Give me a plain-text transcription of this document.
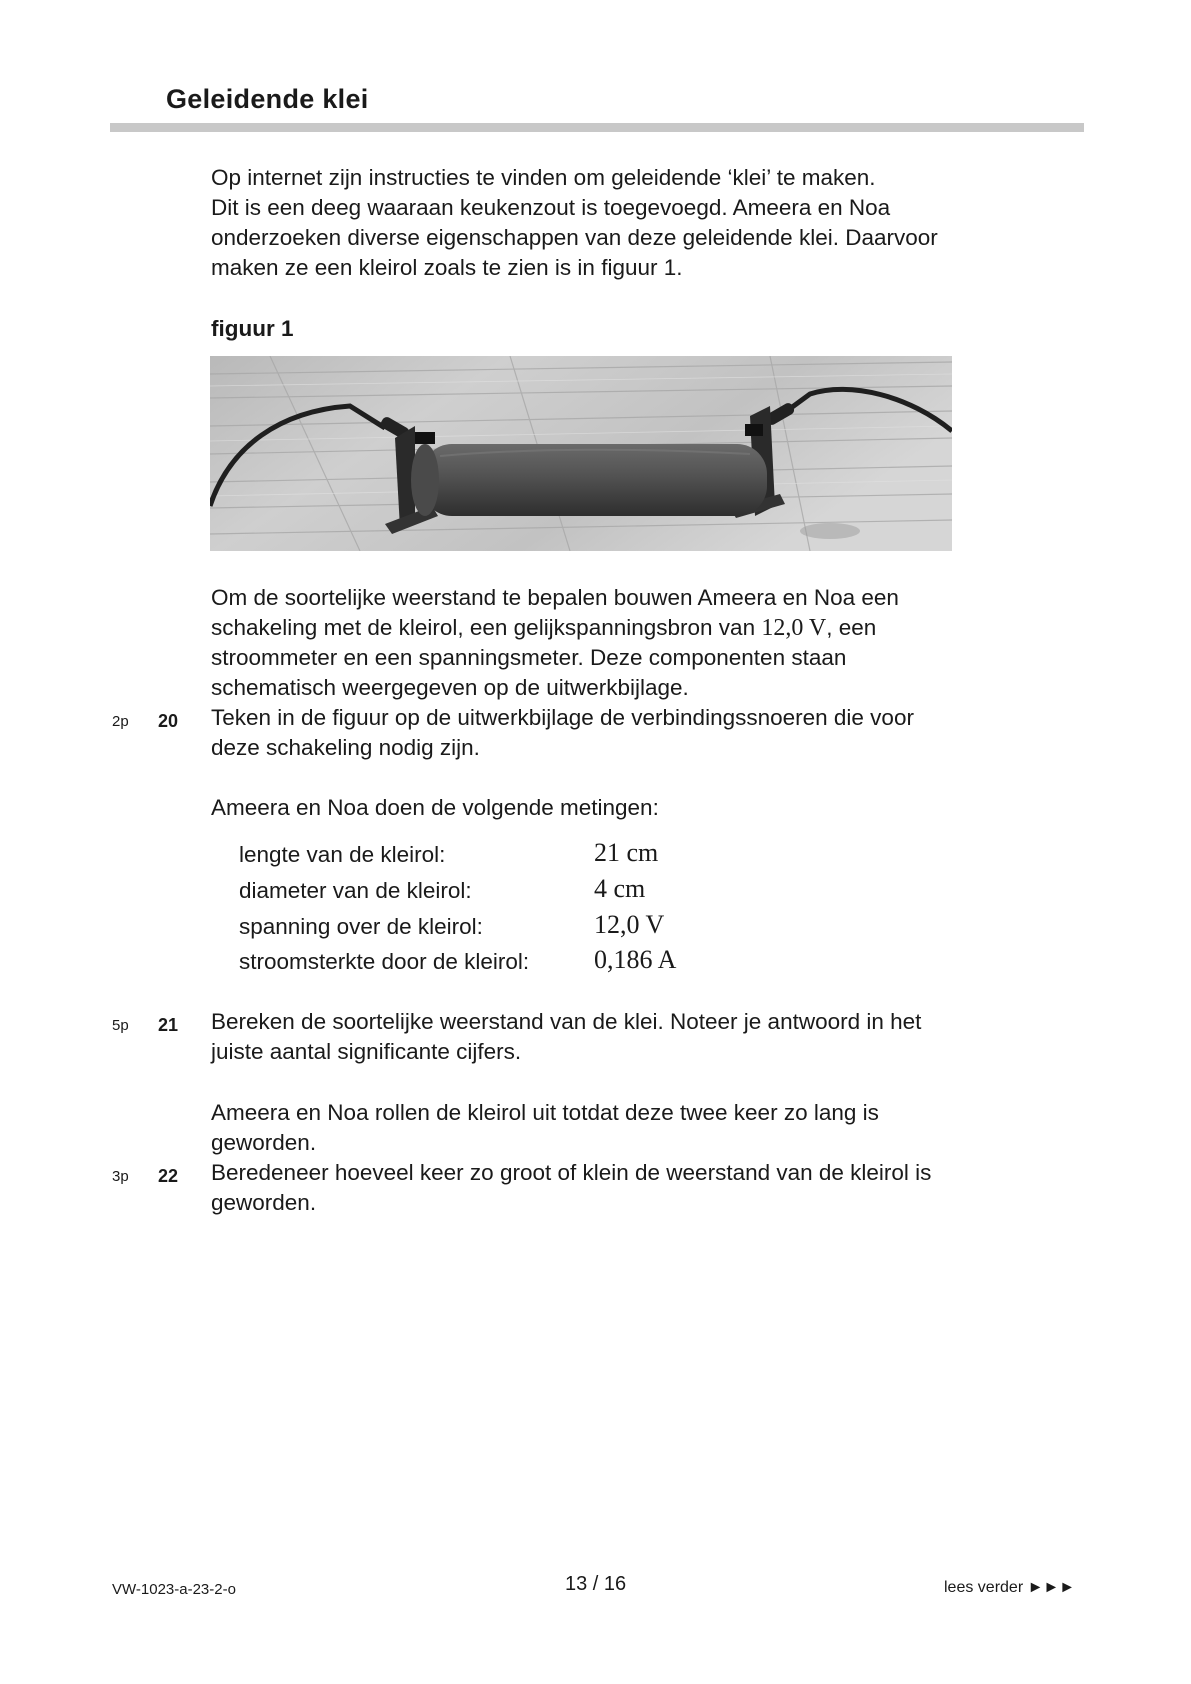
Geleidende klei
Op internet zijn instructies te vinden om geleidende ‘klei’ te maken.
Dit is een deeg waaraan keukenzout is toegevoegd. Ameera en Noa
onderzoeken diverse eigenschappen van deze geleidende klei. Daarvoor
maken ze een kleirol zoals te zien is in figuur 1.
figuur 1
Om de soortelijke weerstand te bepalen bouwen Ameera en Noa een
schakeling met de kleirol, een gelijkspanningsbron van 12,0 V, een
stroommeter en een spanningsmeter. Deze componenten staan
schematisch weergegeven op de uitwerkbijlage.
2p 20 Teken in de figuur op de uitwerkbijlage de verbindingssnoeren die voor
deze schakeling nodig zijn.
Ameera en Noa doen de volgende metingen:
lengte van de kleirol:	21 cm
diameter van de kleirol:	4 cm
spanning over de kleirol:	12,0 V
stroomsterkte door de kleirol: 0,186 A
5p 21 Bereken de soortelijke weerstand van de klei. Noteer je antwoord in het
juiste aantal significante cijfers.
Ameera en Noa rollen de kleirol uit totdat deze twee keer zo lang is
geworden.
3p 22 Beredeneer hoeveel keer zo groot of klein de weerstand van de kleirol is
geworden.
VW-1023-a-23-2-o	13 / 16	lees verder ►►►
